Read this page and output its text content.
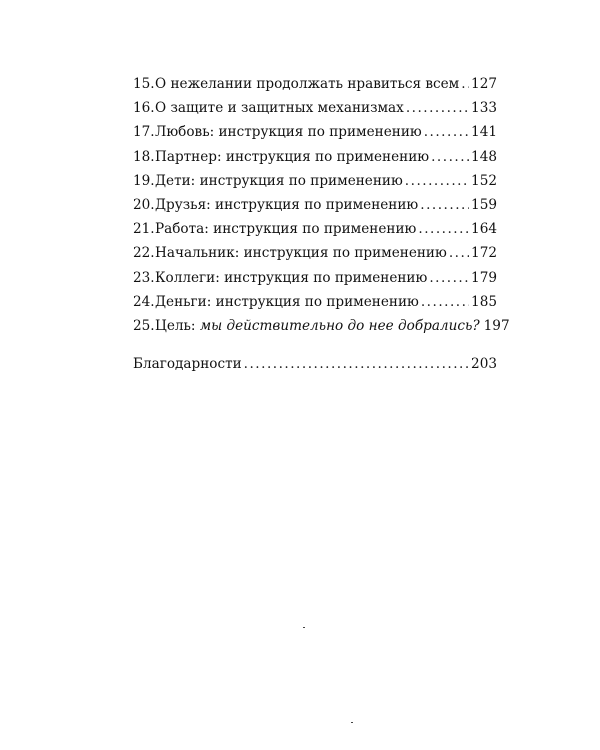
15. О нежелании продолжать нравиться всем ..... 127
16. О защите и защитных механизмах .....	133
17. Любовь: инструкция по применению .....	141
18. Партнер: инструкция по применению .....	148
19. Дети: инструкция по применению .....	152
20. Друзья: инструкция по применению .....	159
21. Работа: инструкция по применению .....	164
22. Начальник: инструкция по применению ..... 172
23. Коллеги: инструкция по применению .....	179
24. Деньги: инструкция по применению .....	185
25. Цель: мы действительно до нее добрались? 197
Благодарности .....	203
